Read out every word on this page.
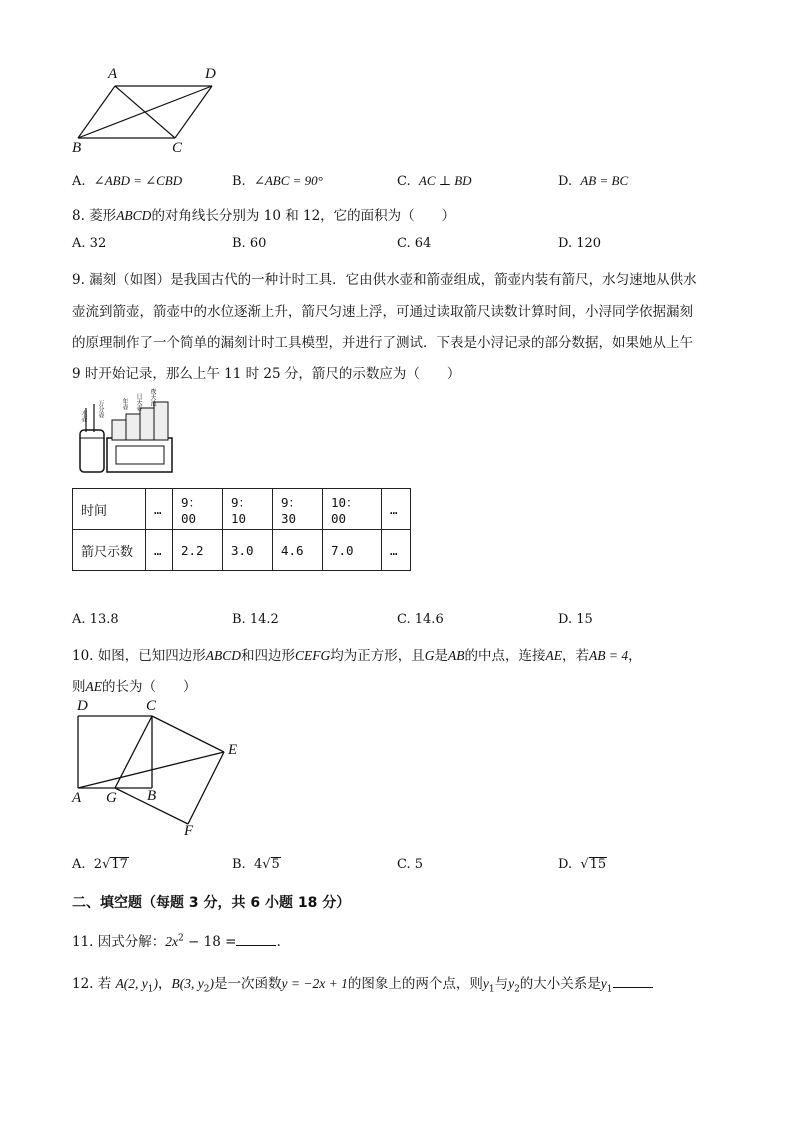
A	D
B	C
A. ∠ABD = ∠CBD	B. ∠ABC = 90°	C. AC ⊥ BD	D. AB = BC
8. 菱形ABCD的对角线长分别为 10 和 12，它的面积为（　　）
A. 32	B. 60	C. 64	D. 120
9. 漏刻（如图）是我国古代的一种计时工具．它由供水壶和箭壶组成，箭壶内装有箭尺，水匀速地从供水
壶流到箭壶，箭壶中的水位逐渐上升，箭尺匀速上浮，可通过读取箭尺读数计算时间，小浔同学依据漏刻
的原理制作了一个简单的漏刻计时工具模型，并进行了测试．下表是小浔记录的部分数据，如果她从上午
9 时开始记录，那么上午 11 时 25 分，箭尺的示数应为（　　）
水壶 万分壶	年壶 日天壶 夜天池
时间	…	9：00	9：10	9：30	10：00	…
箭尺示数	…	2.2	3.0	4.6	7.0	…
A. 13.8	B. 14.2	C. 14.6	D. 15
10. 如图，已知四边形ABCD和四边形CEFG均为正方形，且G是AB的中点，连接AE，若AB = 4，
则AE的长为（　　）
D	C
E
A G B
F
A. 2√17	B. 4√5	C. 5	D. √15
二、填空题（每题 3 分，共 6 小题 18 分）
11. 因式分解：$2x^2 - 18$ =	.
12. 若 A(2, $y_1$)，B(3, $y_2$)是一次函数y = −2x + 1的图象上的两个点，则$y_1$与$y_2$的大小关系是$y_1$
